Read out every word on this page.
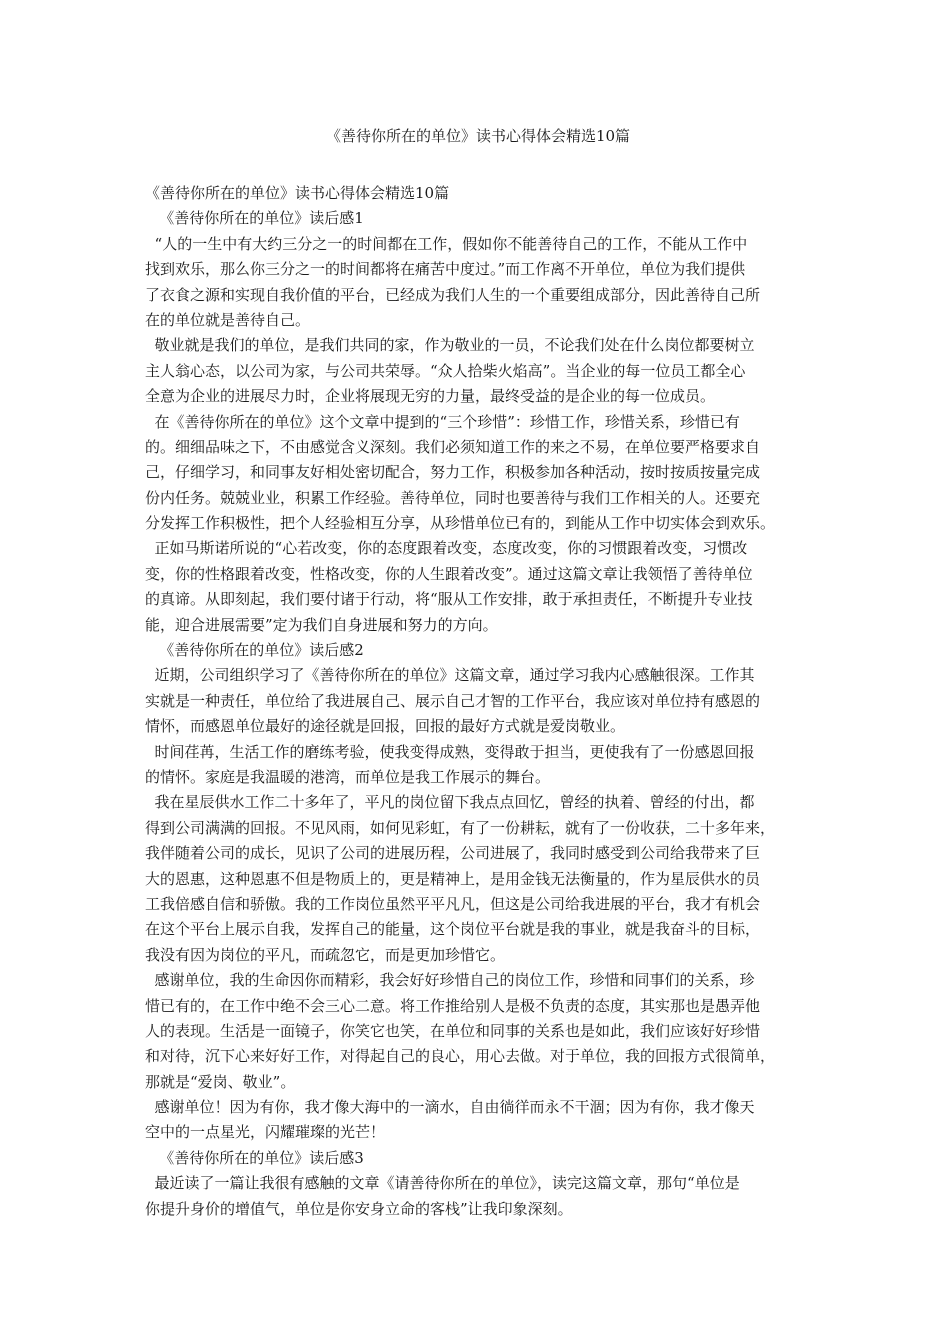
《善待你所在的单位》读书心得体会精选10篇

《善待你所在的单位》读书心得体会精选10篇

《善待你所在的单位》读后感1

“人的一生中有大约三分之一的时间都在工作，假如你不能善待自己的工作，不能从工作中

找到欢乐，那么你三分之一的时间都将在痛苦中度过。”而工作离不开单位，单位为我们提供

了衣食之源和实现自我价值的平台，已经成为我们人生的一个重要组成部分，因此善待自己所

在的单位就是善待自己。

敬业就是我们的单位，是我们共同的家，作为敬业的一员，不论我们处在什么岗位都要树立

主人翁心态，以公司为家，与公司共荣辱。“众人拾柴火焰高”。当企业的每一位员工都全心

全意为企业的进展尽力时，企业将展现无穷的力量，最终受益的是企业的每一位成员。

在《善待你所在的单位》这个文章中提到的“三个珍惜”：珍惜工作，珍惜关系，珍惜已有

的。细细品味之下，不由感觉含义深刻。我们必须知道工作的来之不易，在单位要严格要求自

己，仔细学习，和同事友好相处密切配合，努力工作，积极参加各种活动，按时按质按量完成

份内任务。兢兢业业，积累工作经验。善待单位，同时也要善待与我们工作相关的人。还要充

分发挥工作积极性，把个人经验相互分享，从珍惜单位已有的，到能从工作中切实体会到欢乐。

正如马斯诺所说的“心若改变，你的态度跟着改变，态度改变，你的习惯跟着改变，习惯改

变，你的性格跟着改变，性格改变，你的人生跟着改变”。通过这篇文章让我领悟了善待单位

的真谛。从即刻起，我们要付诸于行动，将“服从工作安排，敢于承担责任，不断提升专业技

能，迎合进展需要”定为我们自身进展和努力的方向。

《善待你所在的单位》读后感2

近期，公司组织学习了《善待你所在的单位》这篇文章，通过学习我内心感触很深。工作其

实就是一种责任，单位给了我进展自己、展示自己才智的工作平台，我应该对单位持有感恩的

情怀，而感恩单位最好的途径就是回报，回报的最好方式就是爱岗敬业。

时间荏苒，生活工作的磨练考验，使我变得成熟，变得敢于担当，更使我有了一份感恩回报

的情怀。家庭是我温暖的港湾，而单位是我工作展示的舞台。

我在星辰供水工作二十多年了，平凡的岗位留下我点点回忆，曾经的执着、曾经的付出，都

得到公司满满的回报。不见风雨，如何见彩虹，有了一份耕耘，就有了一份收获，二十多年来，

我伴随着公司的成长，见识了公司的进展历程，公司进展了，我同时感受到公司给我带来了巨

大的恩惠，这种恩惠不但是物质上的，更是精神上，是用金钱无法衡量的，作为星辰供水的员

工我倍感自信和骄傲。我的工作岗位虽然平平凡凡，但这是公司给我进展的平台，我才有机会

在这个平台上展示自我，发挥自己的能量，这个岗位平台就是我的事业，就是我奋斗的目标，

我没有因为岗位的平凡，而疏忽它，而是更加珍惜它。

感谢单位，我的生命因你而精彩，我会好好珍惜自己的岗位工作，珍惜和同事们的关系，珍

惜已有的，在工作中绝不会三心二意。将工作推给别人是极不负责的态度，其实那也是愚弄他

人的表现。生活是一面镜子，你笑它也笑，在单位和同事的关系也是如此，我们应该好好珍惜

和对待，沉下心来好好工作，对得起自己的良心，用心去做。对于单位，我的回报方式很简单，

那就是“爱岗、敬业”。

感谢单位！因为有你，我才像大海中的一滴水，自由徜徉而永不干涸；因为有你，我才像天

空中的一点星光，闪耀璀璨的光芒！

《善待你所在的单位》读后感3

最近读了一篇让我很有感触的文章《请善待你所在的单位》，读完这篇文章，那句“单位是

你提升身价的增值气，单位是你安身立命的客栈”让我印象深刻。
